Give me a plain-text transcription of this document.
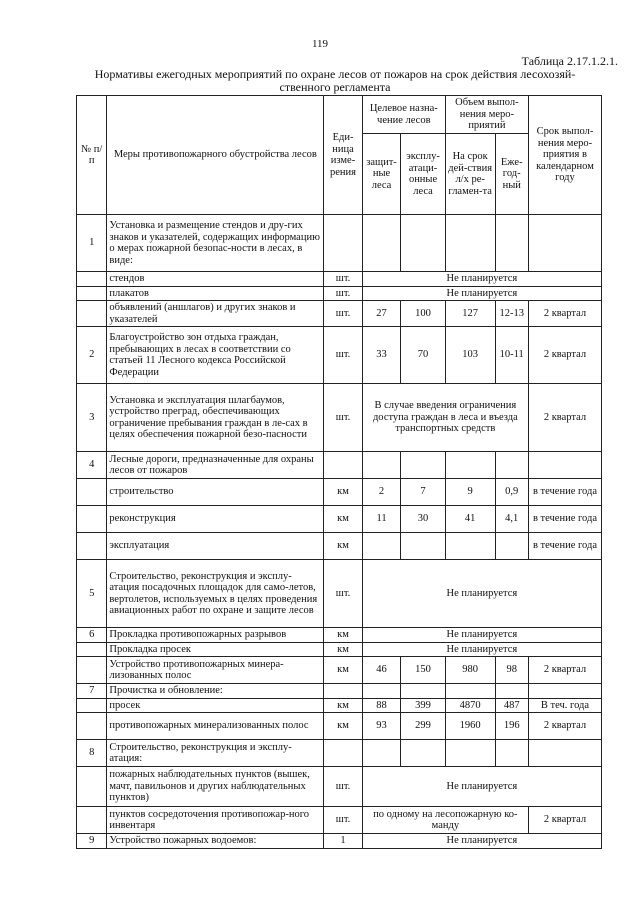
119
Таблица 2.17.1.2.1.
Нормативы ежегодных мероприятий по охране лесов от пожаров на срок действия лесохозяй-ственного регламента
№ п/п	Меры противопожарного обустройства лесов	Еди-ница изме-рения	Целевое назна-чение лесов		Объем выпол-нения меро-приятий		Срок выпол-нения меро-приятия в календарном году
			защит-ные леса	эксплу-атаци-онные леса	На срок дей-ствия л/х ре-гламен-та	Еже-год-ный	
1	Установка и размещение стендов и дру-гих знаков и указателей, содержащих информацию о мерах пожарной безопас-ности в лесах, в виде:						
	стендов	шт.	Не планируется				
	плакатов	шт.	Не планируется				
	объявлений (аншлагов) и других знаков и указателей	шт.	27	100	127	12-13	2 квартал
2	Благоустройство зон отдыха граждан, пребывающих в лесах в соответствии со статьей 11 Лесного кодекса Российской Федерации	шт.	33	70	103	10-11	2 квартал
3	Установка и эксплуатация шлагбаумов, устройство преград, обеспечивающих ограничение пребывания граждан в ле-сах в целях обеспечения пожарной безо-пасности	шт.	В случае введения ограничения доступа граждан в леса и въезда транспортных средств				2 квартал
4	Лесные дороги, предназначенные для охраны лесов от пожаров						
	строительство	км	2	7	9	0,9	в течение года
	реконструкция	км	11	30	41	4,1	в течение года
	эксплуатация	км					в течение года
5	Строительство, реконструкция и эксплу-атация посадочных площадок для само-летов, вертолетов, используемых в целях проведения авиационных работ по охране и защите лесов	шт.	Не планируется				
6	Прокладка противопожарных разрывов	км	Не планируется				
	Прокладка просек	км	Не планируется				
	Устройство противопожарных минера-лизованных полос	км	46	150	980	98	2 квартал
7	Прочистка и обновление:						
	просек	км	88	399	4870	487	В теч. года
	противопожарных минерализованных полос	км	93	299	1960	196	2 квартал
8	Строительство, реконструкция и эксплу-атация:						
	пожарных наблюдательных пунктов (вышек, мачт, павильонов и других наблюдательных пунктов)	шт.	Не планируется				
	пунктов сосредоточения противопожар-ного инвентаря	шт.	по одному на лесопожарную ко-манду				2 квартал
9	Устройство пожарных водоемов:	1	Не планируется				
